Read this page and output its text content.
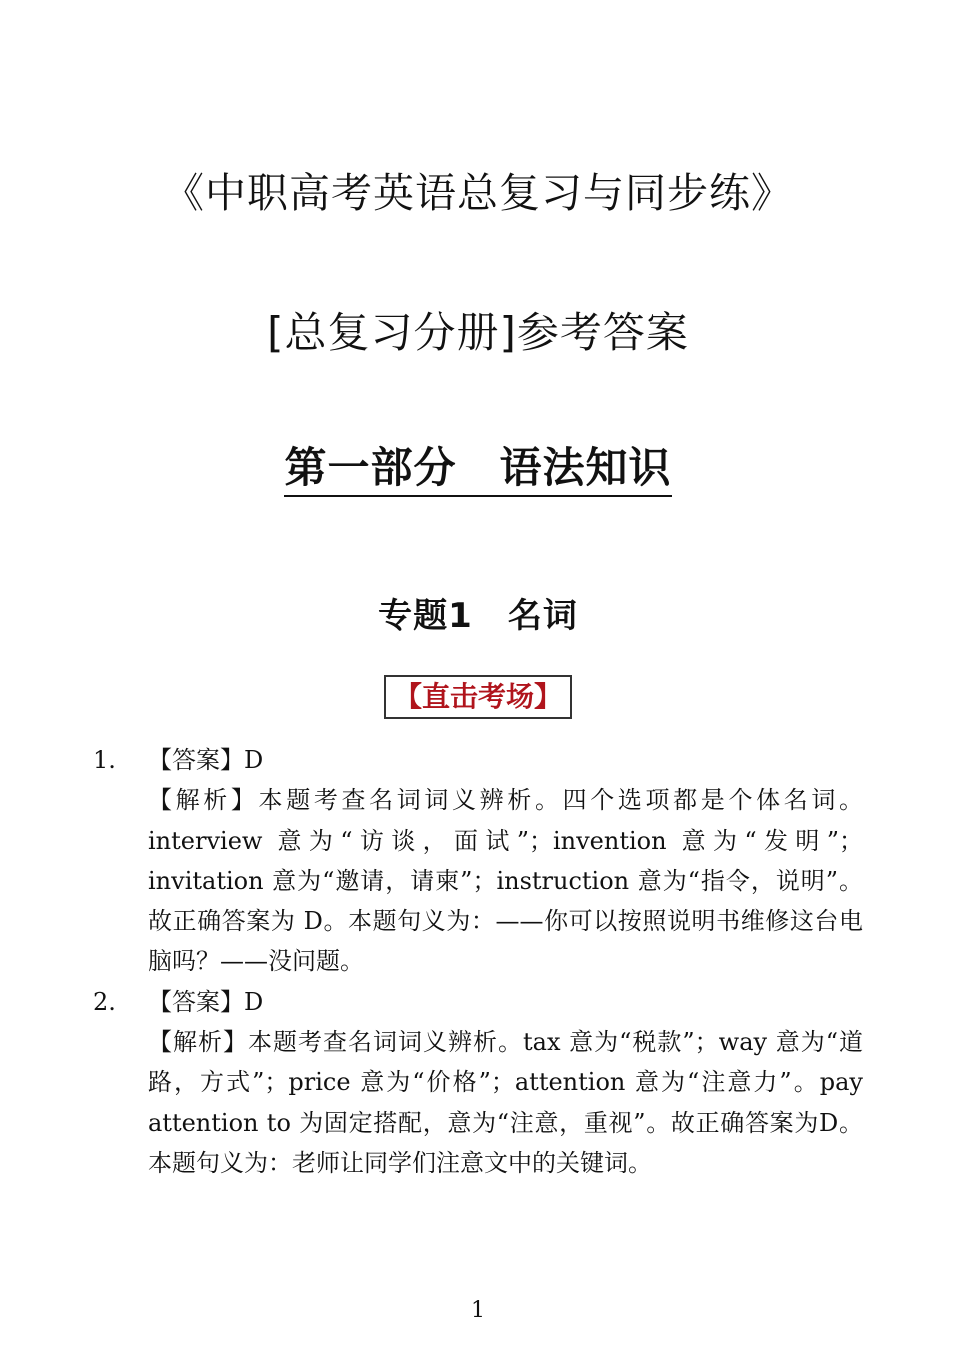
《中职高考英语总复习与同步练》
[总复习分册]参考答案
第一部分　语法知识
专题1　名词
【直击考场】
1. 【答案】D
【解析】本题考查名词词义辨析。四个选项都是个体名词。interview 意为“访谈，面试”；invention 意为“发明”；invitation 意为“邀请，请柬”；instruction 意为“指令，说明”。故正确答案为 D。本题句义为：——你可以按照说明书维修这台电脑吗？——没问题。
2. 【答案】D
【解析】本题考查名词词义辨析。tax 意为“税款”；way 意为“道路，方式”；price 意为“价格”；attention 意为“注意力”。pay attention to 为固定搭配，意为“注意，重视”。故正确答案为D。本题句义为：老师让同学们注意文中的关键词。
1
